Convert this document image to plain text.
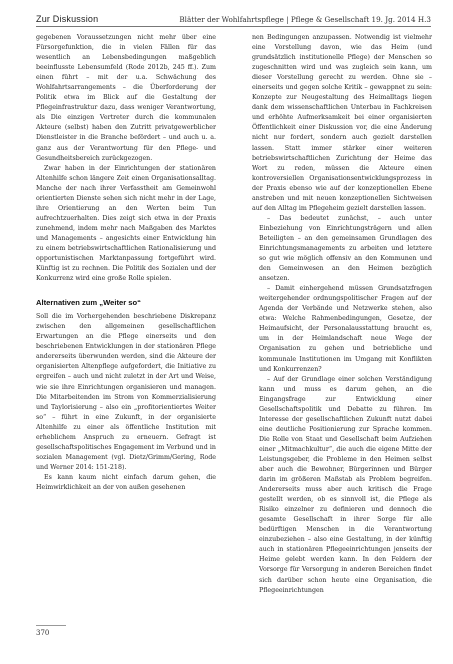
Zur Diskussion	Blätter der Wohlfahrtspflege | Pflege & Gesellschaft 19. Jg. 2014 H.3

gegebenen Voraussetzungen nicht mehr über eine Fürsorgefunktion, die in vielen Fällen für das wesentlich an Lebensbedingungen maßgeblich beeinflusste Lebensumfeld (Rode 2012b, 245 ff.). Zum einen führt – mit der u.a. Schwächung des Wohlfahrtsarrangements – die Überforderung der Politik etwa im Blick auf die Gestaltung der Pflegeinfrastruktur dazu, dass weniger Verantwortung, als Die einzigen Vertreter durch die kommunalen Akteure (selbst) haben den Zutritt privatgewerblicher Dienstleister in die Branche befördert – und auch u. a. ganz aus der Verantwortung für den Pflege- und Gesundheitsbereich zurückgezogen.

Zwar haben in der Einrichtungen der stationären Altenhilfe schon längere Zeit einen Organisationsalltag. Manche der nach ihrer Verfasstheit am Gemeinwohl orientierten Dienste sehen sich nicht mehr in der Lage, ihre Orientierung an den Werten beim Tun aufrechtzuerhalten. Dies zeigt sich etwa in der Praxis zunehmend, indem mehr nach Maßgaben des Marktes und Managements – angesichts einer Entwicklung hin zu einem betriebswirtschaftlichen Rationalisierung und opportunistischen Marktanpassung fortgeführt wird. Künftig ist zu rechnen. Die Politik des Sozialen und der Konkurrenz wird eine große Rolle spielen.

Alternativen zum „Weiter so“

Soll die im Vorhergehenden beschriebene Diskrepanz zwischen den allgemeinen gesellschaftlichen Erwartungen an die Pflege einerseits und den beschriebenen Entwicklungen in der stationären Pflege andererseits überwunden werden, sind die Akteure der organisierten Altenpflege aufgefordert, die Initiative zu ergreifen – auch und nicht zuletzt in der Art und Weise, wie sie ihre Einrichtungen organisieren und managen. Die Mitarbeitenden im Strom von Kommerzialisierung und Taylorisierung – also ein „profitorientiertes Weiter so“ – führt in eine Zukunft, in der organisierte Altenhilfe zu einer als öffentliche Institution mit erheblichem Anspruch zu erneuern. Gefragt ist gesellschaftspolitisches Engagement im Verbund und in sozialen Management (vgl. Dietz/Grimm/Gering, Rode und Werner 2014: 151-218).

Es kann kaum nicht einfach darum gehen, die Heimwirklichkeit an der von außen gesehenen

nen Bedingungen anzupassen. Notwendig ist vielmehr eine Vorstellung davon, wie das Heim (und grundsätzlich institutionelle Pflege) der Menschen so zugeschnitten wird und was zugleich sein kann, um dieser Vorstellung gerecht zu werden. Ohne sie – einerseits und gegen solche Kritik – gewappnet zu sein: Konzepte zur Neugestaltung des Heimalltags liegen dank dem wissenschaftlichen Unterbau in Fachkreisen und erhöhte Aufmerksamkeit bei einer organisierten Öffentlichkeit einer Diskussion vor, die eine Änderung nicht nur fordert, sondern auch gezielt darstellen lassen. Statt immer stärker einer weiteren betriebswirtschaftlichen Zurichtung der Heime das Wort zu reden, müssen die Akteure einen kontroversiellen Organisationsentwicklungsprozess in der Praxis ebenso wie auf der konzeptionellen Ebene anstreben und mit neuen konzeptionellen Sichtweisen auf den Alltag im Pflegeheim gezielt darstellen lassen.

– Das bedeutet zunächst, – auch unter Einbeziehung von Einrichtungsträgern und allen Beteiligten – an den gemeinsamen Grundlagen des Einrichtungsmanagements zu arbeiten und letztere so gut wie möglich offensiv an den Kommunen und den Gemeinwesen an den Heimen bezüglich ansetzen.

– Damit einhergehend müssen Grundsatzfragen weitergehender ordnungspolitischer Fragen auf der Agenda der Verbände und Netzwerke stehen, also etwa: Welche Rahmenbedingungen, Gesetze, der Heimaufsicht, der Personalausstattung braucht es, um in der Heimlandschaft neue Wege der Organisation zu gehen und betriebliche und kommunale Institutionen im Umgang mit Konflikten und Konkurrenzen?

– Auf der Grundlage einer solchen Verständigung kann und muss es darum gehen, an die Eingangsfrage zur Entwicklung einer Gesellschaftspolitik und Debatte zu führen. Im Interesse der gesellschaftlichen Zukunft nutzt dabei eine deutliche Positionierung zur Sprache kommen. Die Rolle von Staat und Gesellschaft beim Aufziehen einer „Mitmachkultur“, die auch die eigene Mitte der Leistungsgeber, die Probleme in den Heimen selbst aber auch die Bewohner, Bürgerinnen und Bürger darin im größeren Maßstab als Problem begreifen. Andererseits muss aber auch kritisch die Frage gestellt werden, ob es sinnvoll ist, die Pflege als Risiko einzelner zu definieren und dennoch die gesamte Gesellschaft in ihrer Sorge für alle bedürftigen Menschen in die Verantwortung einzubeziehen – also eine Gestaltung, in der künftig auch in stationären Pflegeeinrichtungen jenseits der Heime gelebt werden kann. In den Feldern der Vorsorge für Versorgung in anderen Bereichen findet sich darüber schon heute eine Organisation, die Pflegeeinrichtungen

370
